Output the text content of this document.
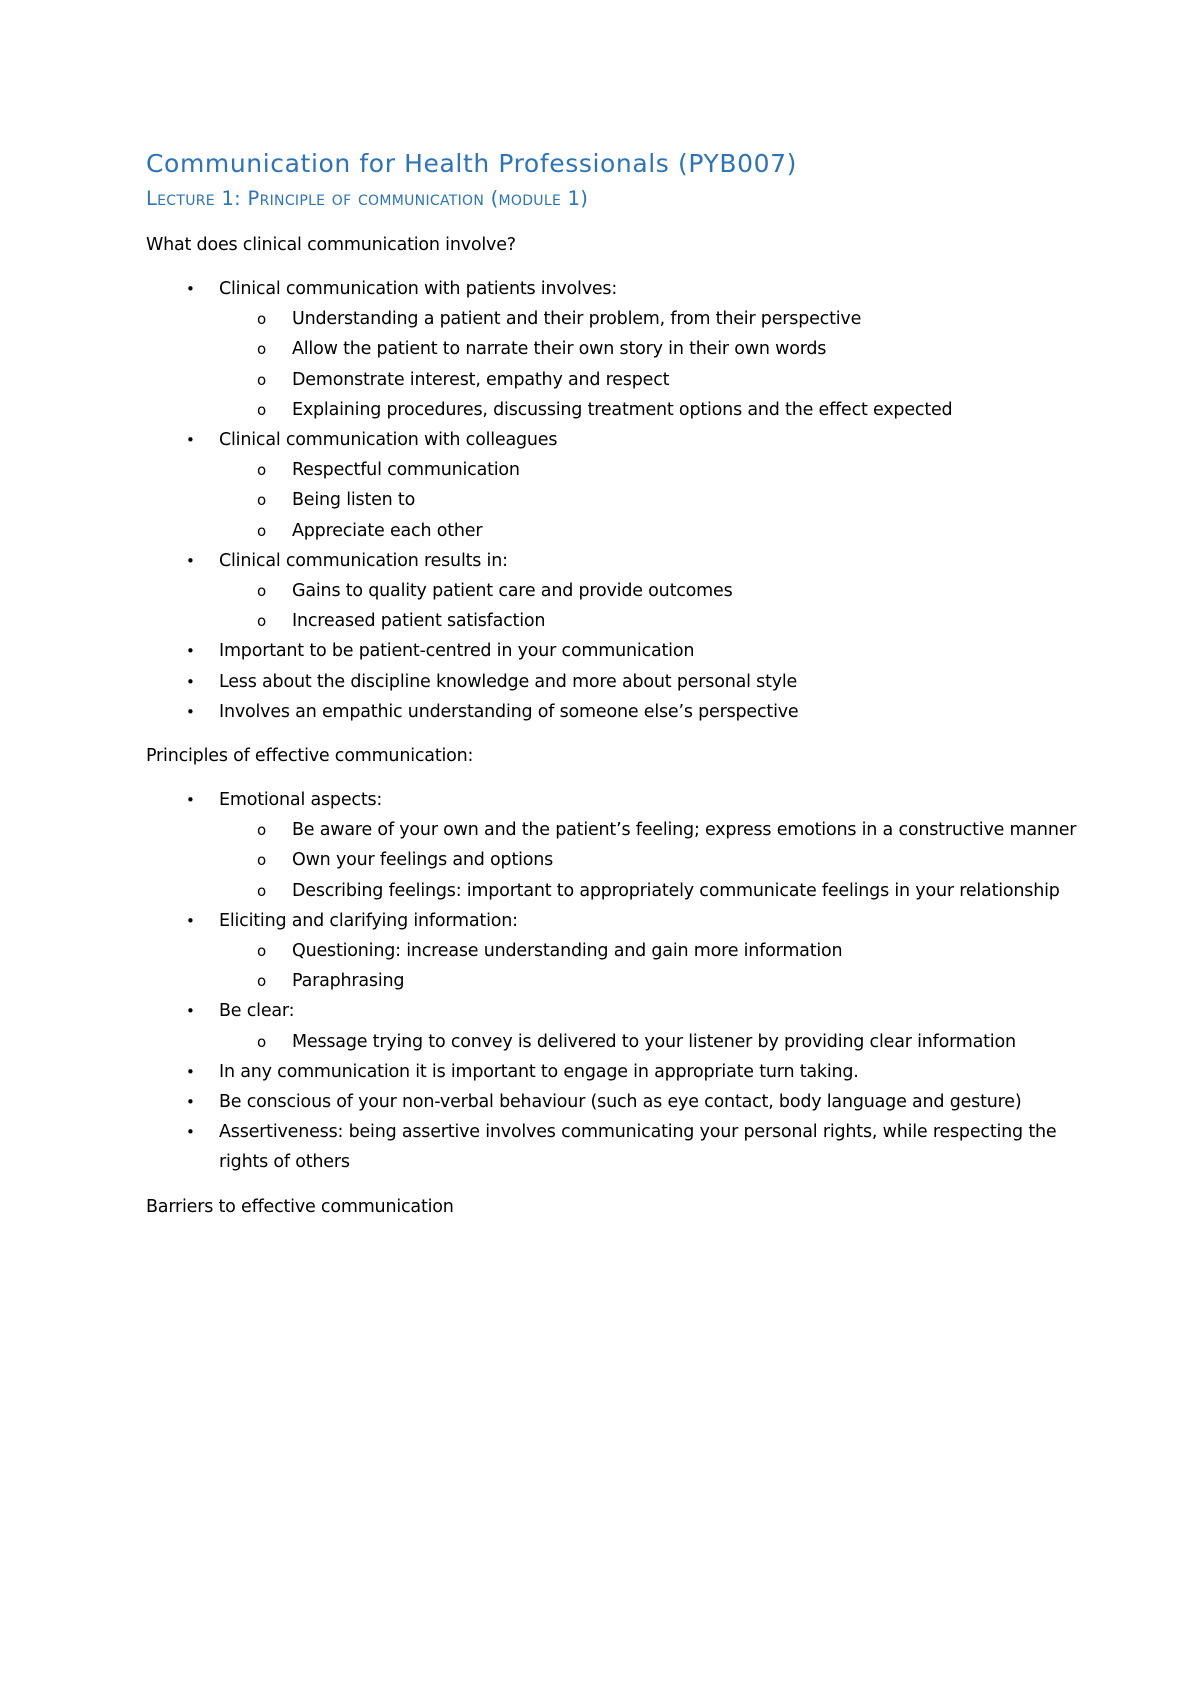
Communication for Health Professionals (PYB007)
Lecture 1: Principle of communication (module 1)

What does clinical communication involve?

• Clinical communication with patients involves:
o Understanding a patient and their problem, from their perspective
o Allow the patient to narrate their own story in their own words
o Demonstrate interest, empathy and respect
o Explaining procedures, discussing treatment options and the effect expected
• Clinical communication with colleagues
o Respectful communication
o Being listen to
o Appreciate each other
• Clinical communication results in:
o Gains to quality patient care and provide outcomes
o Increased patient satisfaction
• Important to be patient-centred in your communication
• Less about the discipline knowledge and more about personal style
• Involves an empathic understanding of someone else’s perspective

Principles of effective communication:

• Emotional aspects:
o Be aware of your own and the patient’s feeling; express emotions in a constructive manner
o Own your feelings and options
o Describing feelings: important to appropriately communicate feelings in your relationship
• Eliciting and clarifying information:
o Questioning: increase understanding and gain more information
o Paraphrasing
• Be clear:
o Message trying to convey is delivered to your listener by providing clear information
• In any communication it is important to engage in appropriate turn taking.
• Be conscious of your non-verbal behaviour (such as eye contact, body language and gesture)
• Assertiveness: being assertive involves communicating your personal rights, while respecting the rights of others

Barriers to effective communication
